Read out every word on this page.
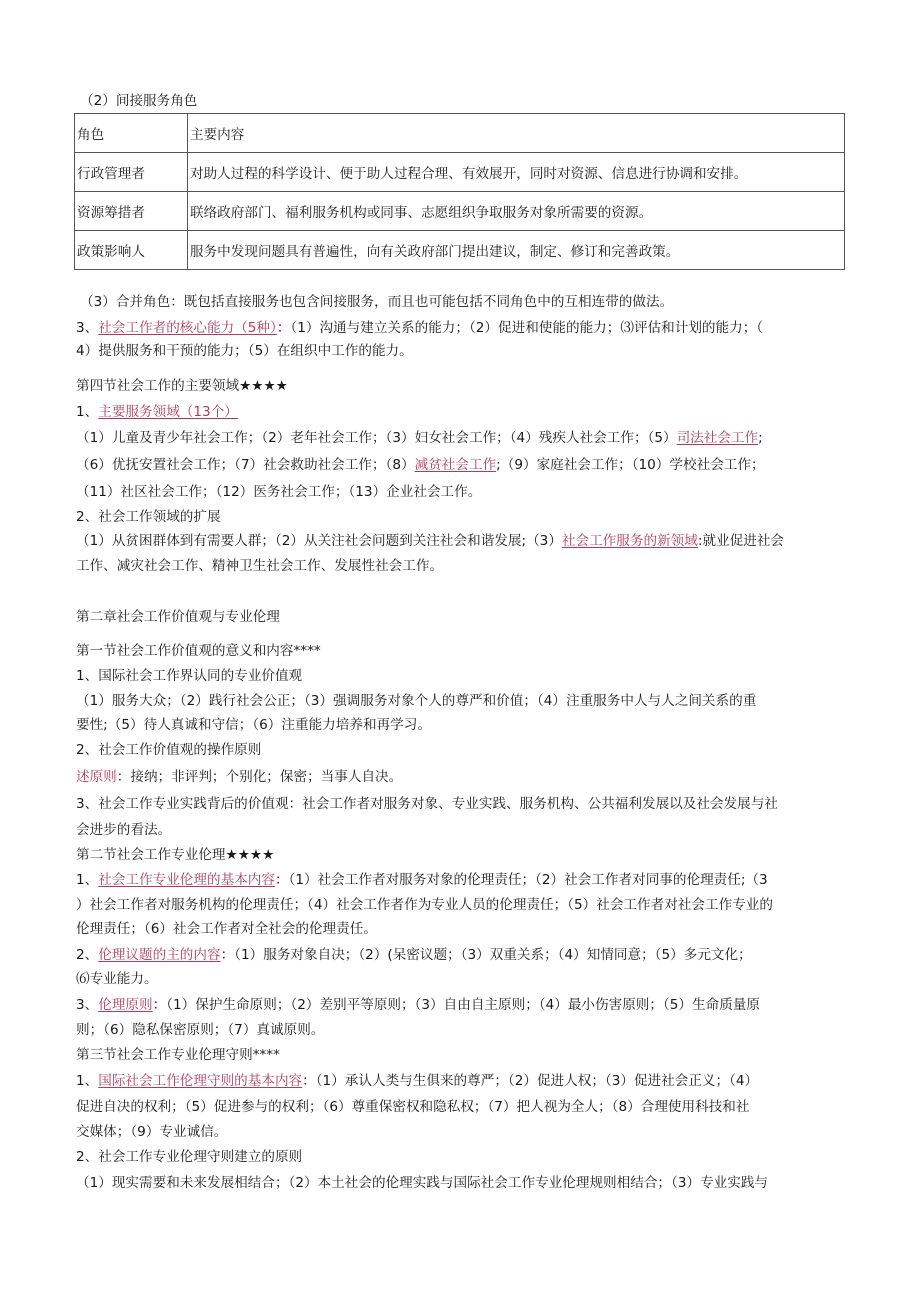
（2）间接服务角色
角色	主要内容
行政管理者	对助人过程的科学设计、便于助人过程合理、有效展开，同时对资源、信息进行协调和安排。
资源筹措者	联络政府部门、福利服务机构或同事、志愿组织争取服务对象所需要的资源。
政策影响人	服务中发现问题具有普遍性，向有关政府部门提出建议，制定、修订和完善政策。
（3）合并角色：既包括直接服务也包含间接服务，而且也可能包括不同角色中的互相连带的做法。
3、社会工作者的核心能力（5种）：（1）沟通与建立关系的能力；（2）促进和使能的能力；⑶评估和计划的能力；（
4）提供服务和干预的能力；（5）在组织中工作的能力。
第四节社会工作的主要领域★★★★
1、主要服务领域（13个）
（1）儿童及青少年社会工作；（2）老年社会工作；（3）妇女社会工作；（4）残疾人社会工作；（5）司法社会工作;
（6）优抚安置社会工作；（7）社会救助社会工作；（8）减贫社会工作;（9）家庭社会工作；（10）学校社会工作；
（11）社区社会工作；（12）医务社会工作；（13）企业社会工作。
2、社会工作领域的扩展
（1）从贫困群体到有需要人群；（2）从关注社会问题到关注社会和谐发展;（3）社会工作服务的新领域:就业促进社会
工作、减灾社会工作、精神卫生社会工作、发展性社会工作。
第二章社会工作价值观与专业伦理
第一节社会工作价值观的意义和内容****
1、国际社会工作界认同的专业价值观
（1）服务大众；（2）践行社会公正；（3）强调服务对象个人的尊严和价值；（4）注重服务中人与人之间关系的重
要性;（5）待人真诚和守信；（6）注重能力培养和再学习。
2、社会工作价值观的操作原则
述原则：接纳；非评判；个别化；保密；当事人自决。
3、社会工作专业实践背后的价值观：社会工作者对服务对象、专业实践、服务机构、公共福利发展以及社会发展与社
会进步的看法。
第二节社会工作专业伦理★★★★
1、社会工作专业伦理的基本内容：（1）社会工作者对服务对象的伦理责任；（2）社会工作者对同事的伦理责任;（3
）社会工作者对服务机构的伦理责任；（4）社会工作者作为专业人员的伦理责任；（5）社会工作者对社会工作专业的
伦理责任；（6）社会工作者对全社会的伦理责任。
2、伦理议题的主的内容：（1）服务对象自决；（2）(呆密议题；（3）双重关系；（4）知情同意；（5）多元文化；
⑹专业能力。
3、伦理原则：（1）保护生命原则；（2）差别平等原则；（3）自由自主原则；（4）最小伤害原则；（5）生命质量原
则；（6）隐私保密原则；（7）真诚原则。
第三节社会工作专业伦理守则****
1、国际社会工作伦理守则的基本内容：（1）承认人类与生俱来的尊严；（2）促进人权；（3）促进社会正义；（4）
促进自决的权利；（5）促进参与的权利；（6）尊重保密权和隐私权；（7）把人视为全人；（8）合理使用科技和社
交媒体；（9）专业诚信。
2、社会工作专业伦理守则建立的原则
（1）现实需要和未来发展相结合；（2）本土社会的伦理实践与国际社会工作专业伦理规则相结合；（3）专业实践与
